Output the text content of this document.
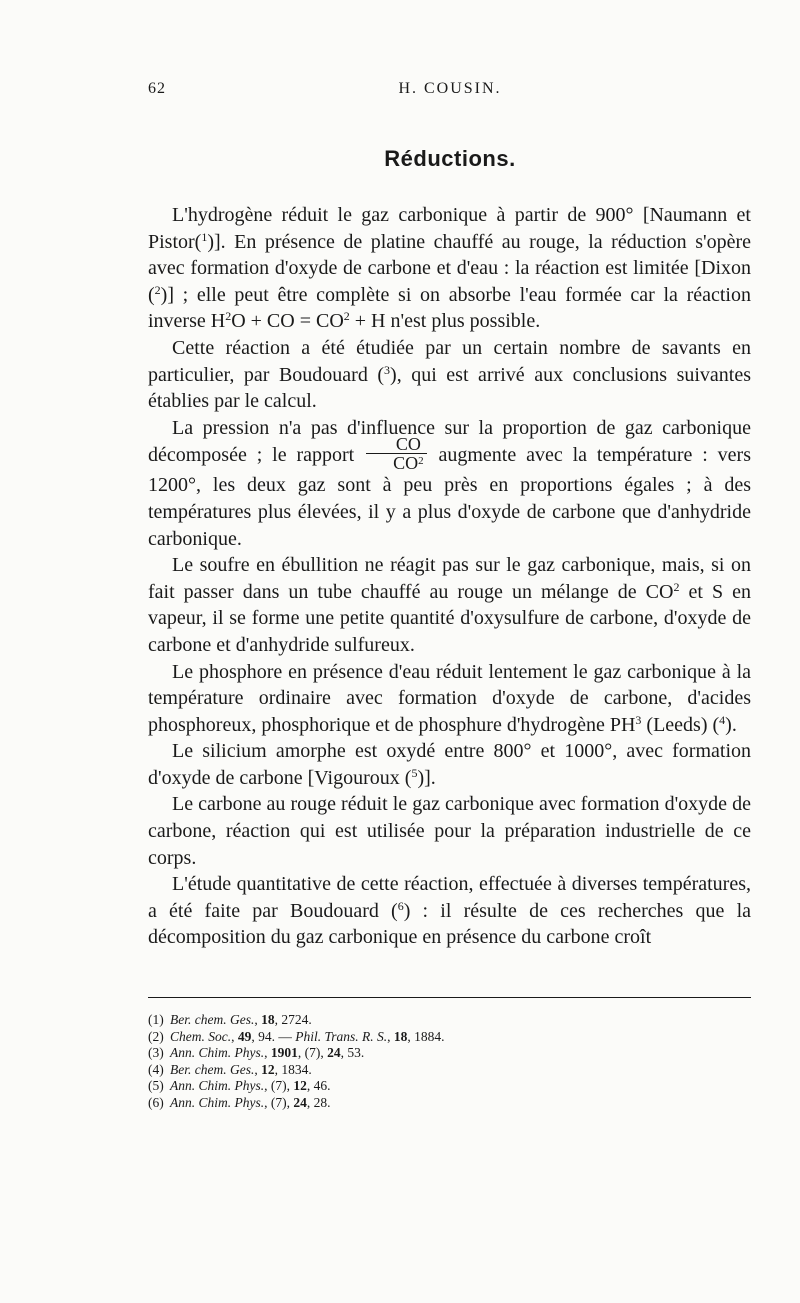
62	H. COUSIN.
Réductions.

L'hydrogène réduit le gaz carbonique à partir de 900° [Naumann et Pistor($^1$)]. En présence de platine chauffé au rouge, la réduction s'opère avec formation d'oxyde de carbone et d'eau : la réaction est limitée [Dixon ($^2$)] ; elle peut être complète si on absorbe l'eau formée car la réaction inverse $H^2O$ + CO = $CO^2 + H$ n'est plus possible.

Cette réaction a été étudiée par un certain nombre de savants en particulier, par Boudouard ($^3$), qui est arrivé aux conclusions suivantes établies par le calcul.

La pression n'a pas d'influence sur la proportion de gaz carbonique décomposée ; le rapport $\frac{CO}{CO^2}$ augmente avec la température : vers 1200°, les deux gaz sont à peu près en proportions égales ; à des températures plus élevées, il y a plus d'oxyde de carbone que d'anhydride carbonique.

Le soufre en ébullition ne réagit pas sur le gaz carbonique, mais, si on fait passer dans un tube chauffé au rouge un mélange de $CO^2$ et S en vapeur, il se forme une petite quantité d'oxysulfure de carbone, d'oxyde de carbone et d'anhydride sulfureux.

Le phosphore en présence d'eau réduit lentement le gaz carbonique à la température ordinaire avec formation d'oxyde de carbone, d'acides phosphoreux, phosphorique et de phosphure d'hydrogène $PH^3$ (Leeds) ($^4$).

Le silicium amorphe est oxydé entre 800° et 1000°, avec formation d'oxyde de carbone [Vigouroux ($^5$)].

Le carbone au rouge réduit le gaz carbonique avec formation d'oxyde de carbone, réaction qui est utilisée pour la préparation industrielle de ce corps.

L'étude quantitative de cette réaction, effectuée à diverses températures, a été faite par Boudouard ($^6$) : il résulte de ces recherches que la décomposition du gaz carbonique en présence du carbone croît

(1) Ber. chem. Ges., 18, 2724.
(2) Chem. Soc., 49, 94. — Phil. Trans. R. S., 18, 1884.
(3) Ann. Chim. Phys., 1901, (7), 24, 53.
(4) Ber. chem. Ges., 12, 1834.
(5) Ann. Chim. Phys., (7), 12, 46.
(6) Ann. Chim. Phys., (7), 24, 28.
